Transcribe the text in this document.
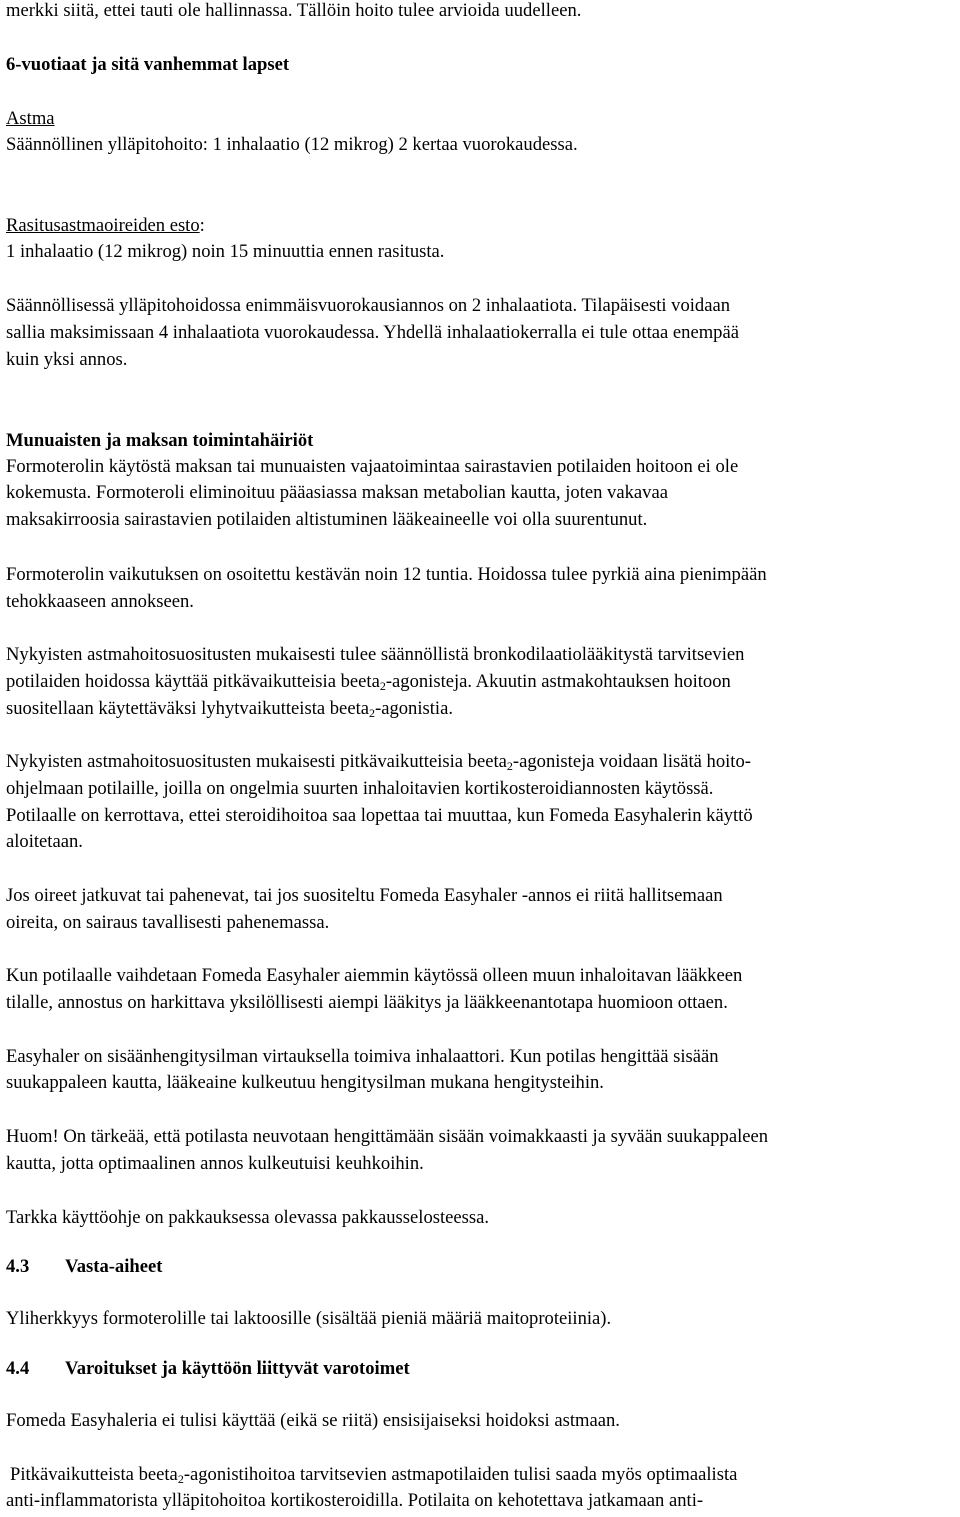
merkki siitä, ettei tauti ole hallinnassa. Tällöin hoito tulee arvioida uudelleen.
6-vuotiaat ja sitä vanhemmat lapset
Astma
Säännöllinen ylläpitohoito: 1 inhalaatio (12 mikrog) 2 kertaa vuorokaudessa.
Rasitusastmaoireiden esto:
1 inhalaatio (12 mikrog) noin 15 minuuttia ennen rasitusta.
Säännöllisessä ylläpitohoidossa enimmäisvuorokausiannos on 2 inhalaatiota. Tilapäisesti voidaan
sallia maksimissaan 4 inhalaatiota vuorokaudessa. Yhdellä inhalaatiokerralla ei tule ottaa enempää
kuin yksi annos.
Munuaisten ja maksan toimintahäiriöt
Formoterolin käytöstä maksan tai munuaisten vajaatoimintaa sairastavien potilaiden hoitoon ei ole
kokemusta. Formoteroli eliminoituu pääasiassa maksan metabolian kautta, joten vakavaa
maksakirroosia sairastavien potilaiden altistuminen lääkeaineelle voi olla suurentunut.
Formoterolin vaikutuksen on osoitettu kestävän noin 12 tuntia. Hoidossa tulee pyrkiä aina pienimpään
tehokkaaseen annokseen.
Nykyisten astmahoitosuositusten mukaisesti tulee säännöllistä bronkodilaatiolääkitystä tarvitsevien
potilaiden hoidossa käyttää pitkävaikutteisia beeta$_2$-agonisteja. Akuutin astmakohtauksen hoitoon
suositellaan käytettäväksi lyhytvaikutteista beeta$_2$-agonistia.
Nykyisten astmahoitosuositusten mukaisesti pitkävaikutteisia beeta$_2$-agonisteja voidaan lisätä hoito-
ohjelmaan potilaille, joilla on ongelmia suurten inhaloitavien kortikosteroidiannosten käytössä.
Potilaalle on kerrottava, ettei steroidihoitoa saa lopettaa tai muuttaa, kun Fomeda Easyhalerin käyttö
aloitetaan.
Jos oireet jatkuvat tai pahenevat, tai jos suositeltu Fomeda Easyhaler -annos ei riitä hallitsemaan
oireita, on sairaus tavallisesti pahenemassa.
Kun potilaalle vaihdetaan Fomeda Easyhaler aiemmin käytössä olleen muun inhaloitavan lääkkeen
tilalle, annostus on harkittava yksilöllisesti aiempi lääkitys ja lääkkeenantotapa huomioon ottaen.
Easyhaler on sisäänhengitysilman virtauksella toimiva inhalaattori. Kun potilas hengittää sisään
suukappaleen kautta, lääkeaine kulkeutuu hengitysilman mukana hengitysteihin.
Huom! On tärkeää, että potilasta neuvotaan hengittämään sisään voimakkaasti ja syvään suukappaleen
kautta, jotta optimaalinen annos kulkeutuisi keuhkoihin.
Tarkka käyttöohje on pakkauksessa olevassa pakkausselosteessa.
4.3 Vasta-aiheet
Yliherkkyys formoterolille tai laktoosille (sisältää pieniä määriä maitoproteiinia).
4.4 Varoitukset ja käyttöön liittyvät varotoimet
Fomeda Easyhaleria ei tulisi käyttää (eikä se riitä) ensisijaiseksi hoidoksi astmaan.
Pitkävaikutteista beeta$_2$-agonistihoitoa tarvitsevien astmapotilaiden tulisi saada myös optimaalista
anti-inflammatorista ylläpitohoitoa kortikosteroidilla. Potilaita on kehotettava jatkamaan anti-
